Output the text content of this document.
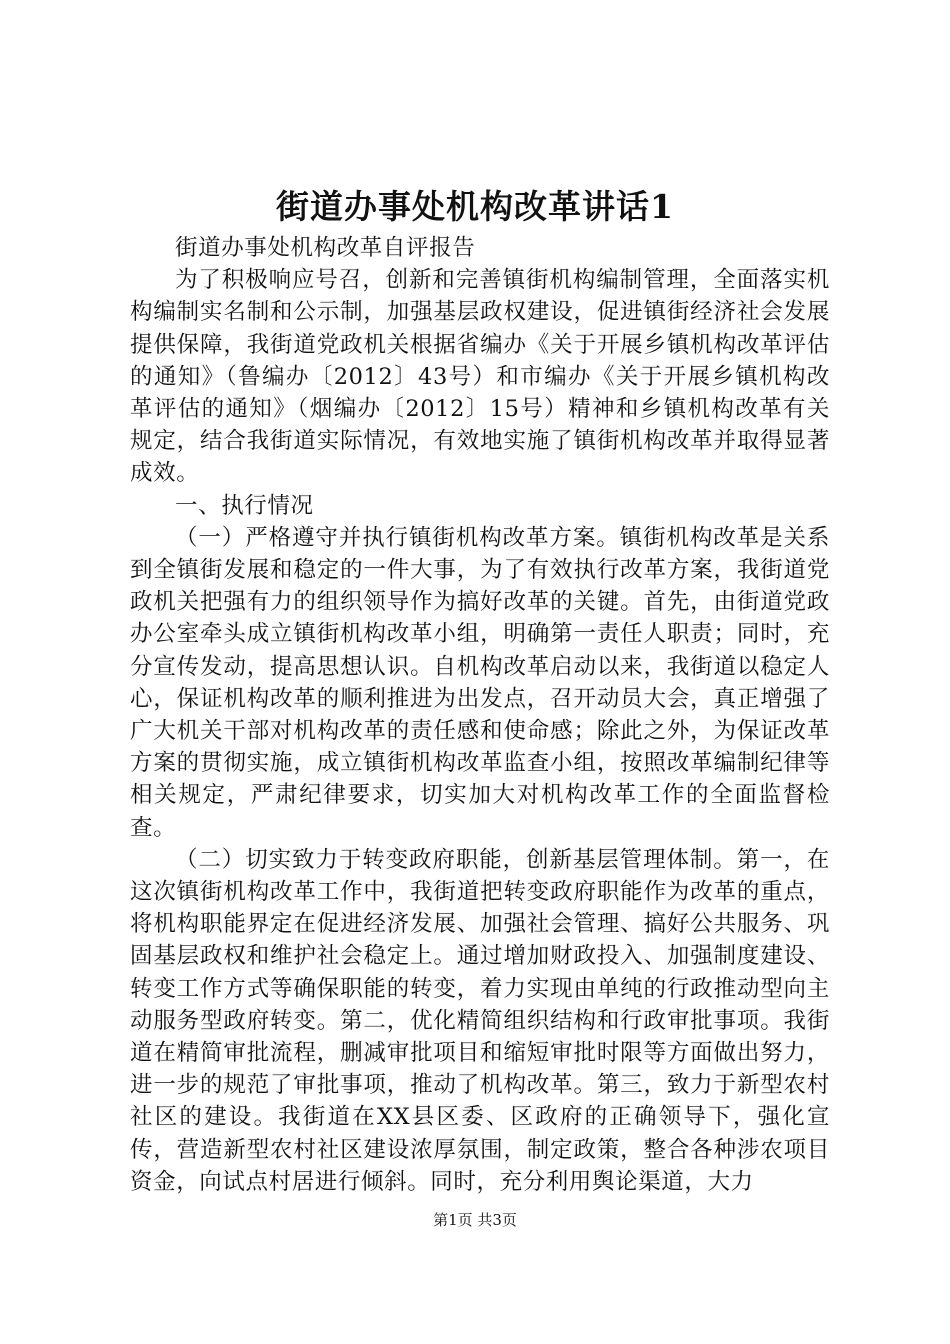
街道办事处机构改革讲话1

街道办事处机构改革自评报告

为了积极响应号召，创新和完善镇街机构编制管理，全面落实机构编制实名制和公示制，加强基层政权建设，促进镇街经济社会发展提供保障，我街道党政机关根据省编办《关于开展乡镇机构改革评估的通知》（鲁编办〔2012〕43号）和市编办《关于开展乡镇机构改革评估的通知》（烟编办〔2012〕15号）精神和乡镇机构改革有关规定，结合我街道实际情况，有效地实施了镇街机构改革并取得显著成效。

一、执行情况

（一）严格遵守并执行镇街机构改革方案。镇街机构改革是关系到全镇街发展和稳定的一件大事，为了有效执行改革方案，我街道党政机关把强有力的组织领导作为搞好改革的关键。首先，由街道党政办公室牵头成立镇街机构改革小组，明确第一责任人职责；同时，充分宣传发动，提高思想认识。自机构改革启动以来，我街道以稳定人心，保证机构改革的顺利推进为出发点，召开动员大会，真正增强了广大机关干部对机构改革的责任感和使命感；除此之外，为保证改革方案的贯彻实施，成立镇街机构改革监查小组，按照改革编制纪律等相关规定，严肃纪律要求，切实加大对机构改革工作的全面监督检查。

（二）切实致力于转变政府职能，创新基层管理体制。第一，在这次镇街机构改革工作中，我街道把转变政府职能作为改革的重点，将机构职能界定在促进经济发展、加强社会管理、搞好公共服务、巩固基层政权和维护社会稳定上。通过增加财政投入、加强制度建设、转变工作方式等确保职能的转变，着力实现由单纯的行政推动型向主动服务型政府转变。第二，优化精简组织结构和行政审批事项。我街道在精简审批流程，删减审批项目和缩短审批时限等方面做出努力，进一步的规范了审批事项，推动了机构改革。第三，致力于新型农村社区的建设。我街道在XX县区委、区政府的正确领导下，强化宣传，营造新型农村社区建设浓厚氛围，制定政策，整合各种涉农项目资金，向试点村居进行倾斜。同时，充分利用舆论渠道，大力

第1页 共3页
